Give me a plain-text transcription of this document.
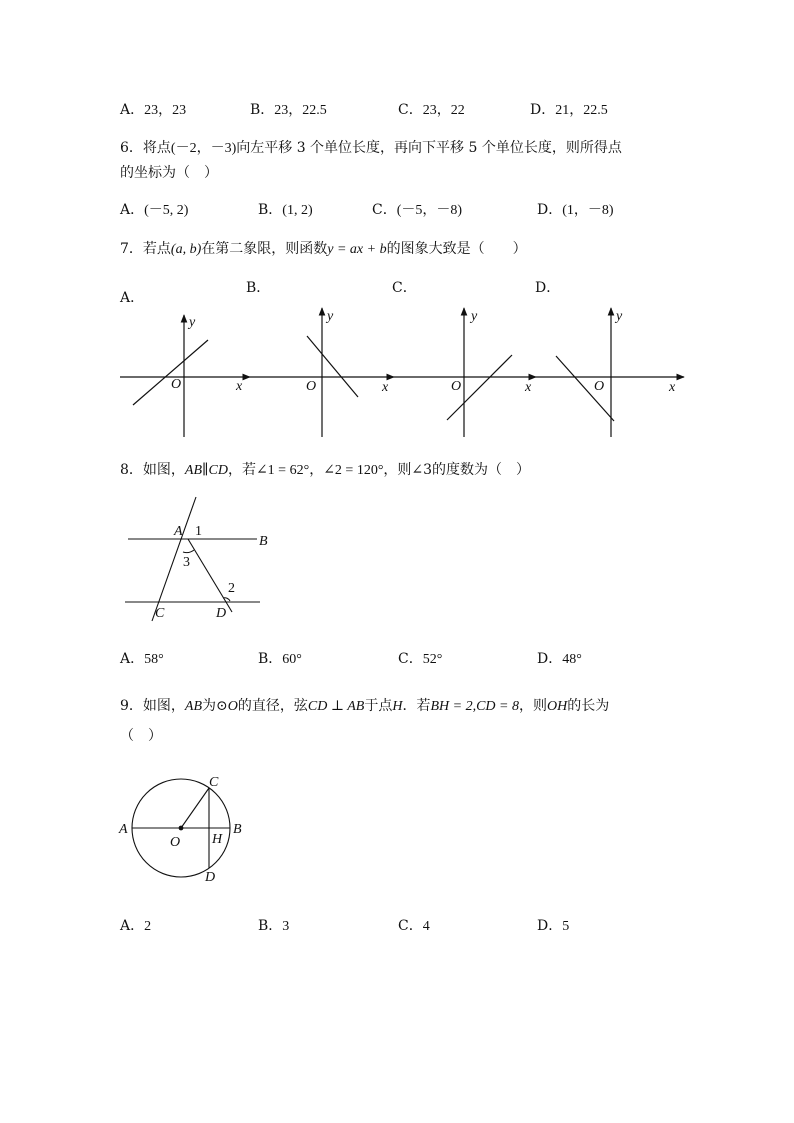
A．23，23	B．23，22.5	C．23，22	D．21，22.5
6．将点(－2，－3)向左平移 3 个单位长度，再向下平移 5 个单位长度，则所得点
的坐标为（　）
A．(－5, 2)	B．(1, 2)	C．(－5，－8)	D．(1，－8)
7．若点(a, b)在第二象限，则函数y = ax + b的图象大致是（　　）
A．
B．	C．	D．
y
x
O
y
x
O
y
x
O
y
x
O
8．如图，AB∥CD，若∠1 = 62°，∠2 = 120°，则∠3的度数为（　）
A
B
C	D
1
2
3
A．58°	B．60°	C．52°	D．48°
9．如图，AB为⊙O的直径，弦CD ⊥ AB于点H．若BH = 2,CD = 8，则OH的长为
（　）
A	B
C
D
O H
A．2	B．3	C．4	D．5
